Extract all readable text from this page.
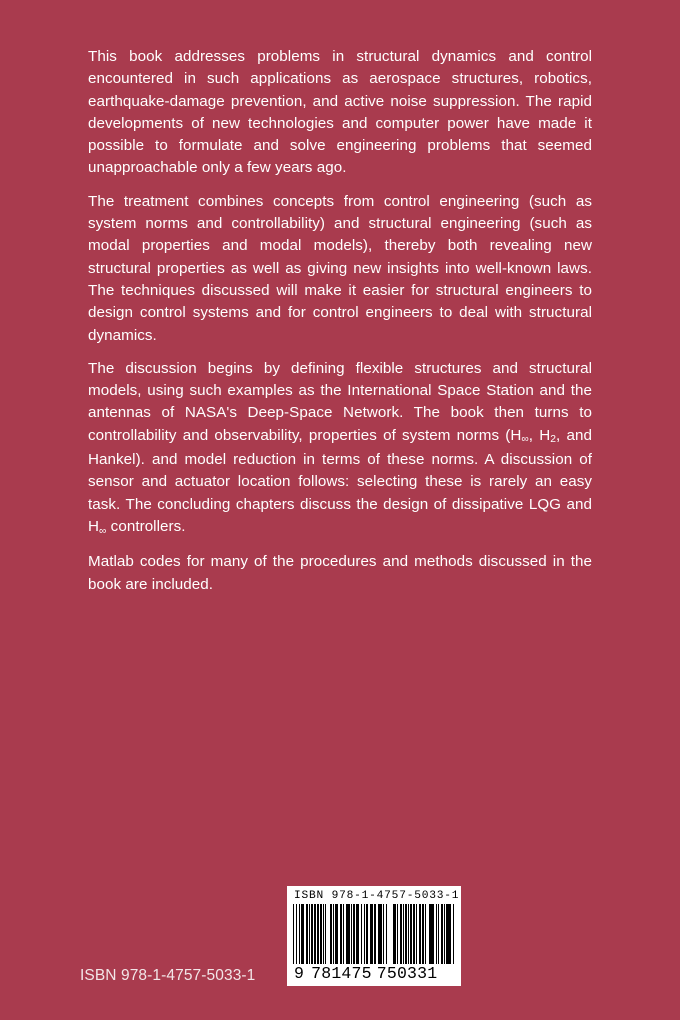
This book addresses problems in structural dynamics and control encountered in such applications as aerospace structures, robotics, earthquake-damage prevention, and active noise suppression. The rapid developments of new technologies and computer power have made it possible to formulate and solve engineering problems that seemed unapproachable only a few years ago.

The treatment combines concepts from control engineering (such as system norms and controllability) and structural engineering (such as modal properties and modal models), thereby both revealing new structural properties as well as giving new insights into well-known laws. The techniques discussed will make it easier for structural engineers to design control systems and for control engineers to deal with structural dynamics.

The discussion begins by defining flexible structures and structural models, using such examples as the International Space Station and the antennas of NASA's Deep-Space Network. The book then turns to controllability and observability, properties of system norms ($H_\infty$, $H_2$, and Hankel). and model reduction in terms of these norms. A discussion of sensor and actuator location follows: selecting these is rarely an easy task. The concluding chapters discuss the design of dissipative LQG and $H_\infty$ controllers.

Matlab codes for many of the procedures and methods discussed in the book are included.

ISBN 978-1-4757-5033-1
ISBN 978-1-4757-5033-1
9 781475 750331
